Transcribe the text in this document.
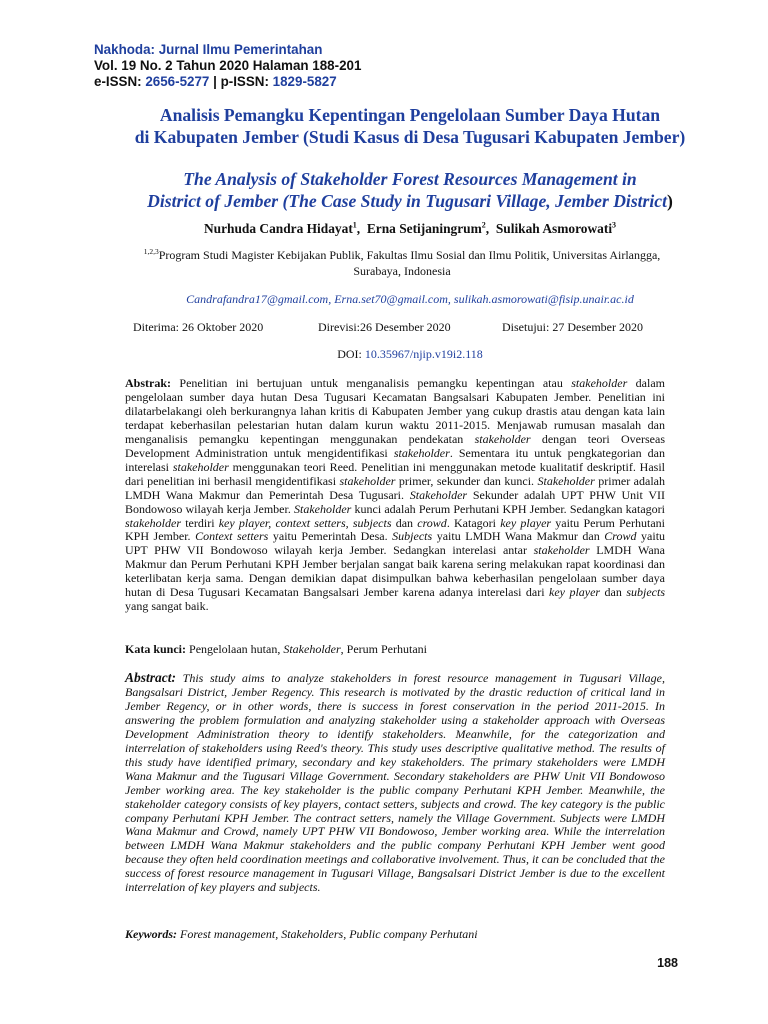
Nakhoda: Jurnal Ilmu Pemerintahan
Vol. 19 No. 2 Tahun 2020 Halaman 188-201
e-ISSN: 2656-5277 | p-ISSN: 1829-5827
Analisis Pemangku Kepentingan Pengelolaan Sumber Daya Hutan
di Kabupaten Jember (Studi Kasus di Desa Tugusari Kabupaten Jember)
The Analysis of Stakeholder Forest Resources Management in
District of Jember (The Case Study in Tugusari Village, Jember District)
Nurhuda Candra Hidayat$^1$,  Erna Setijaningrum$^2$,  Sulikah Asmorowati$^3$
$^{1,2,3}$Program Studi Magister Kebijakan Publik, Fakultas Ilmu Sosial dan Ilmu Politik, Universitas Airlangga,
Surabaya, Indonesia
Candrafandra17@gmail.com, Erna.set70@gmail.com, sulikah.asmorowati@fisip.unair.ac.id
Diterima: 26 Oktober 2020	Direvisi:26 Desember 2020	Disetujui: 27 Desember 2020
DOI: 10.35967/njip.v19i2.118

Abstrak: Penelitian ini bertujuan untuk menganalisis pemangku kepentingan atau stakeholder dalam pengelolaan sumber daya hutan Desa Tugusari Kecamatan Bangsalsari Kabupaten Jember. Penelitian ini dilatarbelakangi oleh berkurangnya lahan kritis di Kabupaten Jember yang cukup drastis atau dengan kata lain terdapat keberhasilan pelestarian hutan dalam kurun waktu 2011-2015. Menjawab rumusan masalah dan menganalisis pemangku kepentingan menggunakan pendekatan stakeholder dengan teori Overseas Development Administration untuk mengidentifikasi stakeholder. Sementara itu untuk pengkategorian dan interelasi stakeholder menggunakan teori Reed. Penelitian ini menggunakan metode kualitatif deskriptif. Hasil dari penelitian ini berhasil mengidentifikasi stakeholder primer, sekunder dan kunci. Stakeholder primer adalah LMDH Wana Makmur dan Pemerintah Desa Tugusari. Stakeholder Sekunder adalah UPT PHW Unit VII Bondowoso wilayah kerja Jember. Stakeholder kunci adalah Perum Perhutani KPH Jember. Sedangkan katagori stakeholder terdiri key player, context setters, subjects dan crowd. Katagori key player yaitu Perum Perhutani KPH Jember. Context setters yaitu Pemerintah Desa. Subjects yaitu LMDH Wana Makmur dan Crowd yaitu UPT PHW VII Bondowoso wilayah kerja Jember. Sedangkan interelasi antar stakeholder LMDH Wana Makmur dan Perum Perhutani KPH Jember berjalan sangat baik karena sering melakukan rapat koordinasi dan keterlibatan kerja sama. Dengan demikian dapat disimpulkan bahwa keberhasilan pengelolaan sumber daya hutan di Desa Tugusari Kecamatan Bangsalsari Jember karena adanya interelasi dari key player dan subjects yang sangat baik.

Kata kunci: Pengelolaan hutan, Stakeholder, Perum Perhutani

Abstract: This study aims to analyze stakeholders in forest resource management in Tugusari Village, Bangsalsari District, Jember Regency. This research is motivated by the drastic reduction of critical land in Jember Regency, or in other words, there is success in forest conservation in the period 2011-2015. In answering the problem formulation and analyzing stakeholder using a stakeholder approach with Overseas Development Administration theory to identify stakeholders. Meanwhile, for the categorization and interrelation of stakeholders using Reed's theory. This study uses descriptive qualitative method. The results of this study have identified primary, secondary and key stakeholders. The primary stakeholders were LMDH Wana Makmur and the Tugusari Village Government. Secondary stakeholders are PHW Unit VII Bondowoso Jember working area. The key stakeholder is the public company Perhutani KPH Jember. Meanwhile, the stakeholder category consists of key players, contact setters, subjects and crowd. The key category is the public company Perhutani KPH Jember. The contract setters, namely the Village Government. Subjects were LMDH Wana Makmur and Crowd, namely UPT PHW VII Bondowoso, Jember working area. While the interrelation between LMDH Wana Makmur stakeholders and the public company Perhutani KPH Jember went good because they often held coordination meetings and collaborative involvement. Thus, it can be concluded that the success of forest resource management in Tugusari Village, Bangsalsari District Jember is due to the excellent interrelation of key players and subjects.

Keywords: Forest management, Stakeholders, Public company Perhutani
188
